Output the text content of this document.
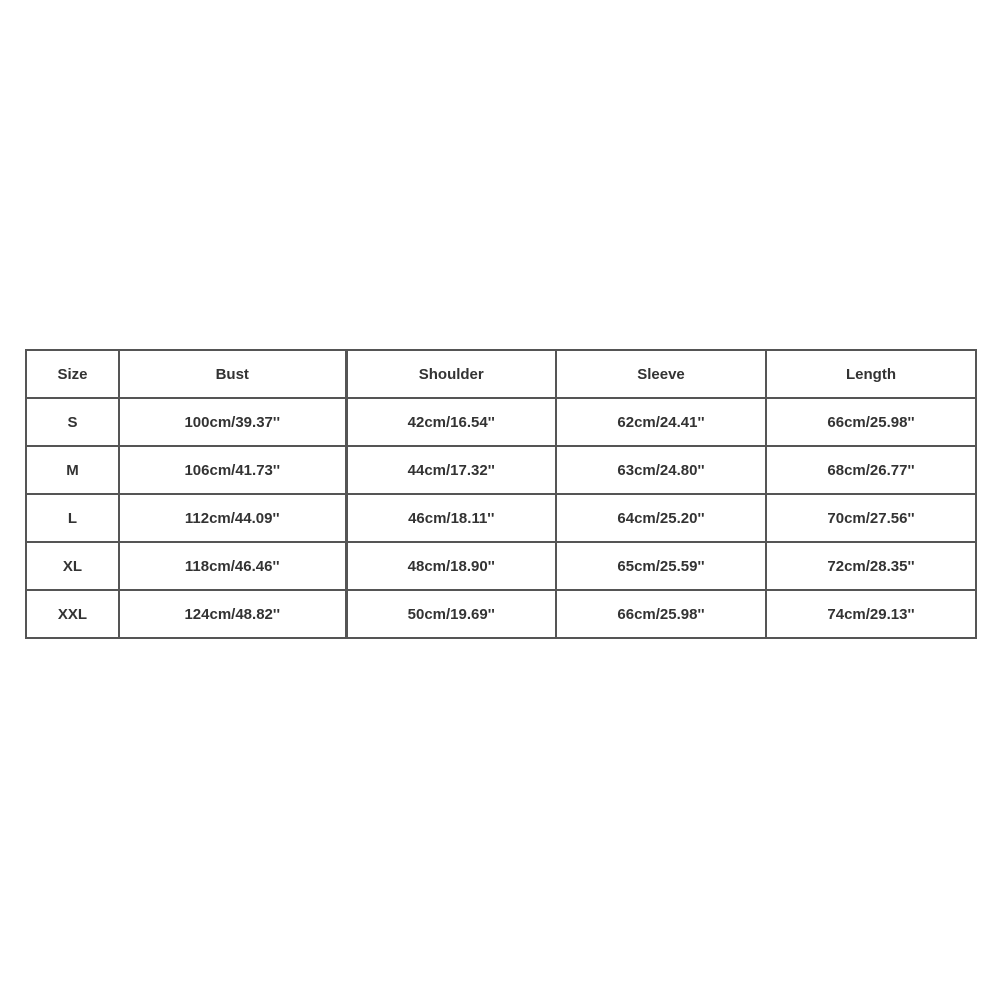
Size	Bust	Shoulder	Sleeve	Length
S	100cm/39.37''	42cm/16.54''	62cm/24.41''	66cm/25.98''
M	106cm/41.73''	44cm/17.32''	63cm/24.80''	68cm/26.77''
L	112cm/44.09''	46cm/18.11''	64cm/25.20''	70cm/27.56''
XL	118cm/46.46''	48cm/18.90''	65cm/25.59''	72cm/28.35''
XXL	124cm/48.82''	50cm/19.69''	66cm/25.98''	74cm/29.13''
